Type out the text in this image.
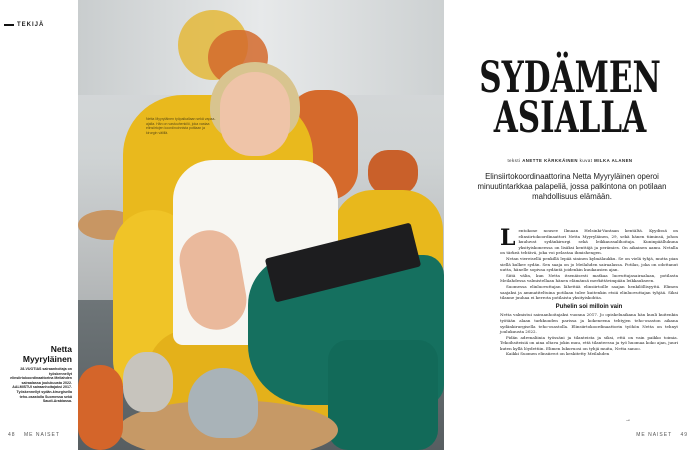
TEKIJÄ
Netta Myyryläinen
28-VUOTIAS sairaanhoitaja on työskennellyt elinsiirtokoordinaattorina Meilahden sairaalassa joulukuusta 2022. AALMISTUI sairaanhoitajaksi 2017. Työskennellyt sydän-kirurgisella teho-osastolla Suomessa sekä Saudi-Arabiassa.
48 ME NAISET
Netta Myyryläinen työpaikallaan sekä vapaa-ajalla. Hän on vastuuhenkilö, joka vastaa elinsiirtojen koordinoinnista potilaan ja kirurgin välillä.
SYDÄMEN
ASIALLA
teksti ANETTE KÄRKKÄINEN kuvat MILKA ALANEN
Elinsiirtokoordinaattorina Netta Myyryläinen operoi minuutintarkkaa palapeliä, jossa palkintona on potilaan mahdollisuus elämään.

Lentokone nousee Ilmaan Helsinki-Vantaan kentältä. Kyydissä on elinsiirtokoordinaattori Netta Myyryläinen, 29, sekä hänen tiiminsä, johon kuuluvat sydänkirurgi sekä leikkaussalihoitaja. Kuninpäällukuna yksityiskoneessa on lisäksi kenttäjä ja perämies. On aikainen aamu. Netalla on tärkeä tehtävä, joka voi pelastaa ihmishengen.

Netan viereisellä penkillä lepää sininen kylmälaukku. Se on vielä tyhjä, mutta pian siellä kulkee sydän. Sen saaja on jo Meilahden sairaalassa. Potilas, joka on odottanut uutta, hänelle sopivaa sydäntä joidenkin kuukausien ajan.

Siitä välin, kun Netta itsenäisesti matkaa luovuttajasairaalaan, potilasta Meilahdessa valmistellaan hänen elämänsä merkittävimpään leikkaukseen.

Suomessa elinluovuttajan lähettää elinsiirtoille saajan henkilöllisyyttä. Elimen saajaksi ja ammatiteltuina potilaan tulee kuitenkin etsiä elinluovuttajan tyhjää. Siksi tilanne juuhaa ei kerrota potilaista yksityiskohtia.

Puhelin soi milloin vain

Netta valmistui sairaanhoitajaksi vuonna 2017. Jo opiskeluaikana hän kuuli kuitenkin työtään alaan tarkkuuden parissa ja kokeneena tehtyjen teho-osaston aikana sydänkirurgisella teho-osastolla. Elinsiirtokoordinaattorin työhön Netta on tehnyt joulukuusta 2022.

Pidän adrenaliinia työssäni ja tilanteista ja siksi, että on vain paikko toimia. Tekoihsiteisiä on aina oltava jokin muu, että tilanteessa ja työ huomaa koko ajan, juuri kuten kyllä löydettiin. Elimen lukuvuosi on tyhjä muita, Netta sanoo.

Kaikki Suomen elinsiirrot on keskitetty Meilahden

→
ME NAISET 49
